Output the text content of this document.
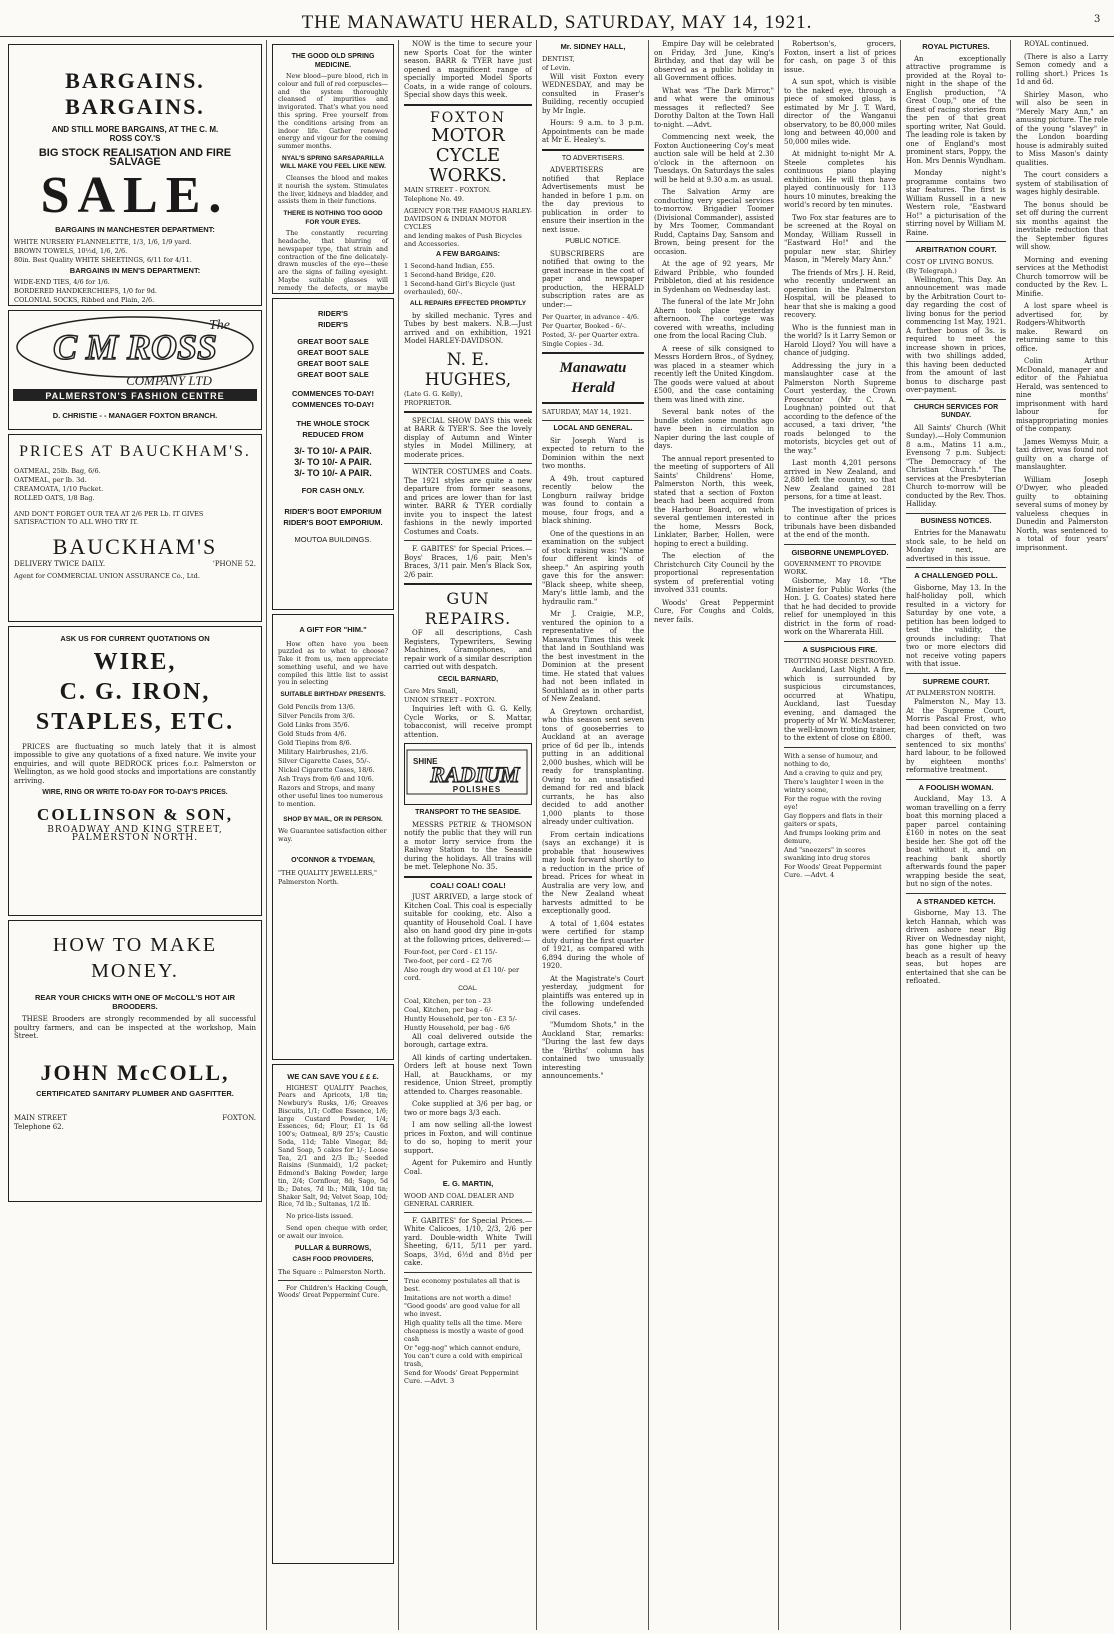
THE MANAWATU HERALD, SATURDAY, MAY 14, 1921.	3
BARGAINS.
BARGAINS.
AND STILL MORE BARGAINS, AT THE C. M. ROSS COY.'S
BIG STOCK REALISATION AND FIRE SALVAGE
SALE.
BARGAINS IN MANCHESTER DEPARTMENT:
WHITE NURSERY FLANNELETTE, 1/3, 1/6, 1/9 yard.
BROWN TOWELS, 10½d, 1/6, 2/6.
80in. Best Quality WHITE SHEETINGS, 6/11 for 4/11.
BARGAINS IN MEN'S DEPARTMENT:
WIDE-END TIES, 4/6 for 1/6.
BORDERED HANDKERCHIEFS, 1/0 for 9d.
COLONIAL SOCKS, Ribbed and Plain, 2/6.
The
C M ROSS
COMPANY LTD
PALMERSTON'S FASHION CENTRE
D. CHRISTIE - - MANAGER FOXTON BRANCH.
PRICES AT BAUCKHAM'S.
OATMEAL, 25lb. Bag, 6/6.
OATMEAL, per lb. 3d.
CREAMOATA, 1/10 Packet.
ROLLED OATS, 1/8 Bag.
AND DON'T FORGET OUR TEA AT 2/6 PER Lb. IT GIVES SATISFACTION TO ALL WHO TRY IT.
BAUCKHAM'S
DELIVERY TWICE DAILY.	'PHONE 52.
Agent for COMMERCIAL UNION ASSURANCE Co., Ltd.
ASK US FOR CURRENT QUOTATIONS ON
WIRE,
C. G. IRON,
STAPLES, ETC.

PRICES are fluctuating so much lately that it is almost impossible to give any quotations of a fixed nature. We invite your enquiries, and will quote BEDROCK prices f.o.r. Palmerston or Wellington, as we hold good stocks and importations are constantly arriving.

WIRE, RING OR WRITE TO-DAY FOR TO-DAY'S PRICES.
COLLINSON & SON,
BROADWAY AND KING STREET,
PALMERSTON NORTH.
HOW TO MAKE
MONEY.
REAR YOUR CHICKS WITH ONE OF McCOLL'S HOT AIR BROODERS.

THESE Brooders are strongly recommended by all successful poultry farmers, and can be inspected at the workshop, Main Street.

JOHN McCOLL,
CERTIFICATED SANITARY PLUMBER AND GASFITTER.
MAIN STREET	FOXTON.
Telephone 62.
THE GOOD OLD SPRING MEDICINE.

New blood—pure blood, rich in colour and full of red corpuscles—and the system thoroughly cleansed of impurities and invigorated. That's what you need this spring. Free yourself from the conditions arising from an indoor life. Gather renewed energy and vigour for the coming summer months.

NYAL'S SPRING SARSAPARILLA WILL MAKE YOU FEEL LIKE NEW.

Cleanses the blood and makes it nourish the system. Stimulates the liver, kidneys and bladder, and assists them in their functions.

THERE IS NOTHING TOO GOOD FOR YOUR EYES.

The constantly recurring headache, that blurring of newspaper type, that strain and contraction of the fine delicately-drawn muscles of the eye—these are the signs of failing eyesight. Maybe suitable glasses will remedy the defects, or maybe

RIDER'S
RIDER'S
GREAT BOOT SALE
GREAT BOOT SALE
GREAT BOOT SALE
GREAT BOOT SALE
COMMENCES TO-DAY!
COMMENCES TO-DAY!
THE WHOLE STOCK REDUCED FROM
3/- TO 10/- A PAIR.
3/- TO 10/- A PAIR.
3/- TO 10/- A PAIR.
FOR CASH ONLY.
RIDER'S BOOT EMPORIUM
RIDER'S BOOT EMPORIUM.
MOUTOA BUILDINGS.
A GIFT FOR "HIM."

How often have you been puzzled as to what to choose? Take it from us, men appreciate something useful, and we have compiled this little list to assist you in selecting

SUITABLE BIRTHDAY PRESENTS.
Gold Pencils from 13/6.
Silver Pencils from 3/6.
Gold Links from 35/6.
Gold Studs from 4/6.
Gold Tiepins from 8/6.
Military Hairbrushes, 21/6.
Silver Cigarette Cases, 55/-.
Nickel Cigarette Cases, 18/6.
Ash Trays from 6/6 and 10/6.
Razors and Strops, and many other useful lines too numerous to mention.
SHOP BY MAIL, OR IN PERSON.
We Guarantee satisfaction either way.
O'CONNOR & TYDEMAN,
"THE QUALITY JEWELLERS,"
Palmerston North.
WE CAN SAVE YOU £ £ £.

HIGHEST QUALITY Peaches, Pears and Apricots, 1/8 tin; Newbury's Rusks, 1/6; Greaves Biscuits, 1/1; Coffee Essence, 1/6; large Custard Powder, 1/4; Essences, 6d; Flour, £1 1s 6d 100's; Oatmeal, 8/9 25's; Caustic Soda, 11d; Table Vinegar, 8d; Sand Soap, 5 cakes for 1/-; Loose Tea, 2/1 and 2/3 lb.; Seeded Raisins (Sunmaid), 1/2 packet; Edmond's Baking Powder, large tin, 2/4; Cornflour, 8d; Sago, 5d lb.; Dates, 7d lb.; Milk, 10d tin; Shaker Salt, 9d; Velvet Soap, 10d; Rice, 7d lb.; Sultanas, 1/2 lb.

No price-lists issued.

Send open cheque with order, or await our invoice.

PULLAR & BURROWS,
CASH FOOD PROVIDERS,
The Square :: Palmerston North.

For Children's Hacking Cough, Woods' Great Peppermint Cure.

NOW is the time to secure your new Sports Coat for the winter season. BARR & TYER have just opened a magnificent range of specially imported Model Sports Coats, in a wide range of colours. Special show days this week.

FOXTON
MOTOR CYCLE
WORKS.
MAIN STREET - FOXTON.
Telephone No. 49.
AGENCY FOR THE FAMOUS HARLEY-DAVIDSON & INDIAN MOTOR CYCLES
and lending makes of Push Bicycles and Accessories.
A FEW BARGAINS:
1 Second-hand Indian, £55.
1 Second-hand Bridge, £20.
1 Second-hand Girl's Bicycle (just overhauled), 60/-.
ALL REPAIRS EFFECTED PROMPTLY

by skilled mechanic. Tyres and Tubes by best makers. N.B.—Just arrived and on exhibition, 1921 Model HARLEY-DAVIDSON.

N. E. HUGHES,
(Late G. G. Kelly),
PROPRIETOR.

SPECIAL SHOW DAYS this week at BARR & TYER'S. See the lovely display of Autumn and Winter styles in Model Millinery, at moderate prices.

WINTER COSTUMES and Coats. The 1921 styles are quite a new departure from former seasons, and prices are lower than for last winter. BARR & TYER cordially invite you to inspect the latest fashions in the newly imported Costumes and Coats.

F. GABITES' for Special Prices.—Boys' Braces, 1/6 pair, Men's Braces, 3/11 pair. Men's Black Sox, 2/6 pair.

GUN REPAIRS.

OF all descriptions, Cash Registers, Typewriters, Sewing Machines, Gramophones, and repair work of a similar description carried out with despatch.

CECIL BARNARD,
Care Mrs Small,
UNION STREET - FOXTON.

Inquiries left with G. G. Kelly, Cycle Works, or S. Mattar, tobacconist, will receive prompt attention.

SHINE
RADIUM
POLISHES
TRANSPORT TO THE SEASIDE.

MESSRS PETRIE & THOMSON notify the public that they will run a motor lorry service from the Railway Station to the Seaside during the holidays. All trains will be met. Telephone No. 35.

COAL! COAL! COAL!

JUST ARRIVED, a large stock of Kitchen Coal. This coal is especially suitable for cooking, etc. Also a quantity of Household Coal. I have also on hand good dry pine in-gots at the following prices, delivered:—

Four-foot, per Cord - £1 15/-
Two-foot, per cord - £2 7/6
Also rough dry wood at £1 10/- per cord.
COAL.
Coal, Kitchen, per ton - 23
Coal, Kitchen, per bag - 6/-
Huntly Household, per ton - £3 5/-
Huntly Household, per bag - 6/6

All coal delivered outside the borough, cartage extra.

All kinds of carting undertaken. Orders left at house next Town Hall, at Bauckhams, or my residence, Union Street, promptly attended to. Charges reasonable.

Coke supplied at 3/6 per bag, or two or more bags 3/3 each.

I am now selling all-the lowest prices in Foxton, and will continue to do so, hoping to merit your support.

Agent for Pukemiro and Huntly Coal.

E. G. MARTIN,
WOOD AND COAL DEALER AND GENERAL CARRIER.

F. GABITES' for Special Prices.—White Calicoes, 1/10, 2/3, 2/6 per yard. Double-width White Twill Sheeting, 6/11, 5/11 per yard. Soaps, 3½d, 6½d and 8½d per cake.

True economy postulates all that is best.
Imitations are not worth a dime! "Good goods' are good value for all who invest.
High quality tells all the time. Mere cheapness is mostly a waste of good cash
Or "egg-nog" which cannot endure, You can't cure a cold with empirical trash,
Send for Woods' Great Peppermint Cure. —Advt. 3
Mr. SIDNEY HALL,
DENTIST,
of Levin.

Will visit Foxton every WEDNESDAY, and may be consulted in Fraser's Building, recently occupied by Mr Ingle.

Hours: 9 a.m. to 3 p.m. Appointments can be made at Mr E. Healey's.

TO ADVERTISERS.

ADVERTISERS are notified that Replace Advertisements must be handed in before 1 p.m. on the day previous to publication in order to ensure their insertion in the next issue.

PUBLIC NOTICE.

SUBSCRIBERS are notified that owing to the great increase in the cost of paper and newspaper production, the HERALD subscription rates are as under:—

Per Quarter, in advance - 4/6.
Per Quarter, Booked - 6/-.
Posted, 3/- per Quarter extra.
Single Copies - 3d.
Manawatu Herald
SATURDAY, MAY 14, 1921.
LOCAL AND GENERAL.

Sir Joseph Ward is expected to return to the Dominion within the next two months.

A 49h. trout captured recently below the Longburn railway bridge was found to contain a mouse, four frogs, and a black shining.

One of the questions in an examination on the subject of stock raising was: "Name four different kinds of sheep." An aspiring youth gave this for the answer: "Black sheep, white sheep, Mary's little lamb, and the hydraulic ram."

Mr J. Craigie, M.P., ventured the opinion to a representative of the Manawatu Times this week that land in Southland was the best investment in the Dominion at the present time. He stated that values had not been inflated in Southland as in other parts of New Zealand.

A Greytown orchardist, who this season sent seven tons of gooseberries to Auckland at an average price of 6d per lb., intends putting in an additional 2,000 bushes, which will be ready for transplanting. Owing to an unsatisfied demand for red and black currants, he has also decided to add another 1,000 plants to those already under cultivation.

From certain indications (says an exchange) it is probable that housewives may look forward shortly to a reduction in the price of bread. Prices for wheat in Australia are very low, and the New Zealand wheat harvests admitted to be exceptionally good.

A total of 1,604 estates were certified for stamp duty during the first quarter of 1921, as compared with 6,894 during the whole of 1920.

At the Magistrate's Court yesterday, judgment for plaintiffs was entered up in the following undefended civil cases.

"Mumdom Shots," in the Auckland Star, remarks: "During the last few days the 'Births' column has contained two unusually interesting announcements."

Empire Day will be celebrated on Friday, 3rd June, King's Birthday, and that day will be observed as a public holiday in all Government offices.

What was "The Dark Mirror," and what were the ominous messages it reflected? See Dorothy Dalton at the Town Hall to-night. —Advt.

Commencing next week, the Foxton Auctioneering Coy's meat auction sale will be held at 2.30 o'clock in the afternoon on Tuesdays. On Saturdays the sales will be held at 9.30 a.m. as usual.

The Salvation Army are conducting very special services to-morrow. Brigadier Toomer (Divisional Commander), assisted by Mrs Toomer, Commandant Rudd, Captains Day, Sansom and Brown, being present for the occasion.

At the age of 92 years, Mr Edward Pribble, who founded Pribbleton, died at his residence in Sydenham on Wednesday last.

The funeral of the late Mr John Ahern took place yesterday afternoon. The cortege was covered with wreaths, including one from the local Racing Club.

A reese of silk consigned to Messrs Hordern Bros., of Sydney, was placed in a steamer which recently left the United Kingdom. The goods were valued at about £500, and the case containing them was lined with zinc.

Several bank notes of the bundle stolen some months ago have been in circulation in Napier during the last couple of days.

The annual report presented to the meeting of supporters of All Saints' Childrens' Home, Palmerston North, this week, stated that a section of Foxton beach had been acquired from the Harbour Board, on which several gentlemen interested in the home, Messrs Bock, Linklater, Barber, Hollen, were hoping to erect a building.

The election of the Christchurch City Council by the proportional representation system of preferential voting involved 331 counts.

Woods' Great Peppermint Cure, For Coughs and Colds, never fails.

Robertson's, grocers, Foxton, insert a list of prices for cash, on page 3 of this issue.

A sun spot, which is visible to the naked eye, through a piece of smoked glass, is estimated by Mr J. T. Ward, director of the Wanganui observatory, to be 80,000 miles long and between 40,000 and 50,000 miles wide.

At midnight to-night Mr A. Steele completes his continuous piano playing exhibition. He will then have played continuously for 113 hours 10 minutes, breaking the world's record by ten minutes.

Two Fox star features are to be screened at the Royal on Monday, William Russell in "Eastward Ho!" and the popular new star, Shirley Mason, in "Merely Mary Ann."

The friends of Mrs J. H. Reid, who recently underwent an operation in the Palmerston Hospital, will be pleased to hear that she is making a good recovery.

Who is the funniest man in the world? Is it Larry Semon or Harold Lloyd? You will have a chance of judging.

Addressing the jury in a manslaughter case at the Palmerston North Supreme Court yesterday, the Crown Prosecutor (Mr C. A. Loughnan) pointed out that according to the defence of the accused, a taxi driver, "the roads belonged to the motorists, bicycles get out of the way."

Last month 4,201 persons arrived in New Zealand, and 2,880 left the country, so that New Zealand gained 281 persons, for a time at least.

The investigation of prices is to continue after the prices tribunals have been disbanded at the end of the month.

GISBORNE UNEMPLOYED.
GOVERNMENT TO PROVIDE WORK.

Gisborne, May 18. "The Minister for Public Works (the Hon. J. G. Coates) stated here that he had decided to provide relief for unemployed in this district in the form of road-work on the Wharerata Hill.

A SUSPICIOUS FIRE.
TROTTING HORSE DESTROYED.

Auckland, Last Night. A fire, which is surrounded by suspicious circumstances, occurred at Whatipu, Auckland, last Tuesday evening, and damaged the property of Mr W. McMasterer, the well-known trotting trainer, to the extent of close on £800.

With a sense of humour, and nothing to do,
And a craving to quiz and pry,
There's laughter I ween in the wintry scene,
For the rogue with the roving eye!
Gay floppers and flats in their gaiters or spats,
And frumps looking prim and demure,
And "sneezers" in scores swanking into drug stores
For Woods' Great Peppermint Cure. —Advt. 4
ROYAL PICTURES.

An exceptionally attractive programme is provided at the Royal to-night in the shape of the English production, "A Great Coup," one of the finest of racing stories from the pen of that great sporting writer, Nat Gould. The leading role is taken by one of England's most prominent stars, Poppy, the Hon. Mrs Dennis Wyndham.

Monday night's programme contains two star features. The first is William Russell in a new Western role, "Eastward Ho!" a picturisation of the stirring novel by William M. Raine.

ARBITRATION COURT.
COST OF LIVING BONUS.
(By Telegraph.)

Wellington, This Day. An announcement was made by the Arbitration Court to-day regarding the cost of living bonus for the period commencing 1st May, 1921. A further bonus of 3s. is required to meet the increase shown in prices, with two shillings added, this having been deducted from the amount of last bonus to discharge past over-payment.

CHURCH SERVICES FOR SUNDAY.

All Saints' Church (Whit Sunday).—Holy Communion 8 a.m., Matins 11 a.m., Evensong 7 p.m. Subject: "The Democracy of the Christian Church." The services at the Presbyterian Church to-morrow will be conducted by the Rev. Thos. Halliday.

BUSINESS NOTICES.

Entries for the Manawatu stock sale, to be held on Monday next, are advertised in this issue.

A CHALLENGED POLL.

Gisborne, May 13. In the half-holiday poll, which resulted in a victory for Saturday by one vote, a petition has been lodged to test the validity, the grounds including: That two or more electors did not receive voting papers with that issue.

SUPREME COURT.
AT PALMERSTON NORTH.

Palmerston N., May 13. At the Supreme Court, Morris Pascal Frost, who had been convicted on two charges of theft, was sentenced to six months' hard labour, to be followed by eighteen months' reformative treatment.

A FOOLISH WOMAN.

Auckland, May 13. A woman travelling on a ferry boat this morning placed a paper parcel containing £160 in notes on the seat beside her. She got off the boat without it, and on reaching bank shortly afterwards found the paper wrapping beside the seat, but no sign of the notes.

A STRANDED KETCH.

Gisborne, May 13. The ketch Hannah, which was driven ashore near Big River on Wednesday night, has gone higher up the beach as a result of heavy seas, but hopes are entertained that she can be refloated.

ROYAL continued.

(There is also a Larry Semon comedy and a rolling short.) Prices 1s 1d and 6d.

Shirley Mason, who will also be seen in "Merely Mary Ann," an amusing picture. The role of the young "slavey" in the London boarding house is admirably suited to Miss Mason's dainty qualities.

The court considers a system of stabilisation of wages highly desirable.

The bonus should be set off during the current six months against the inevitable reduction that the September figures will show.

Morning and evening services at the Methodist Church tomorrow will be conducted by the Rev. L. Minifie.

A lost spare wheel is advertised for, by Rodgers-Whitworth make. Reward on returning same to this office.

Colin Arthur McDonald, manager and editor of the Pahiatua Herald, was sentenced to nine months' imprisonment with hard labour for misappropriating monies of the company.

James Wemyss Muir, a taxi driver, was found not guilty on a charge of manslaughter.

William Joseph O'Dwyer, who pleaded guilty to obtaining several sums of money by valueless cheques in Dunedin and Palmerston North, was sentenced to a total of four years' imprisonment.
